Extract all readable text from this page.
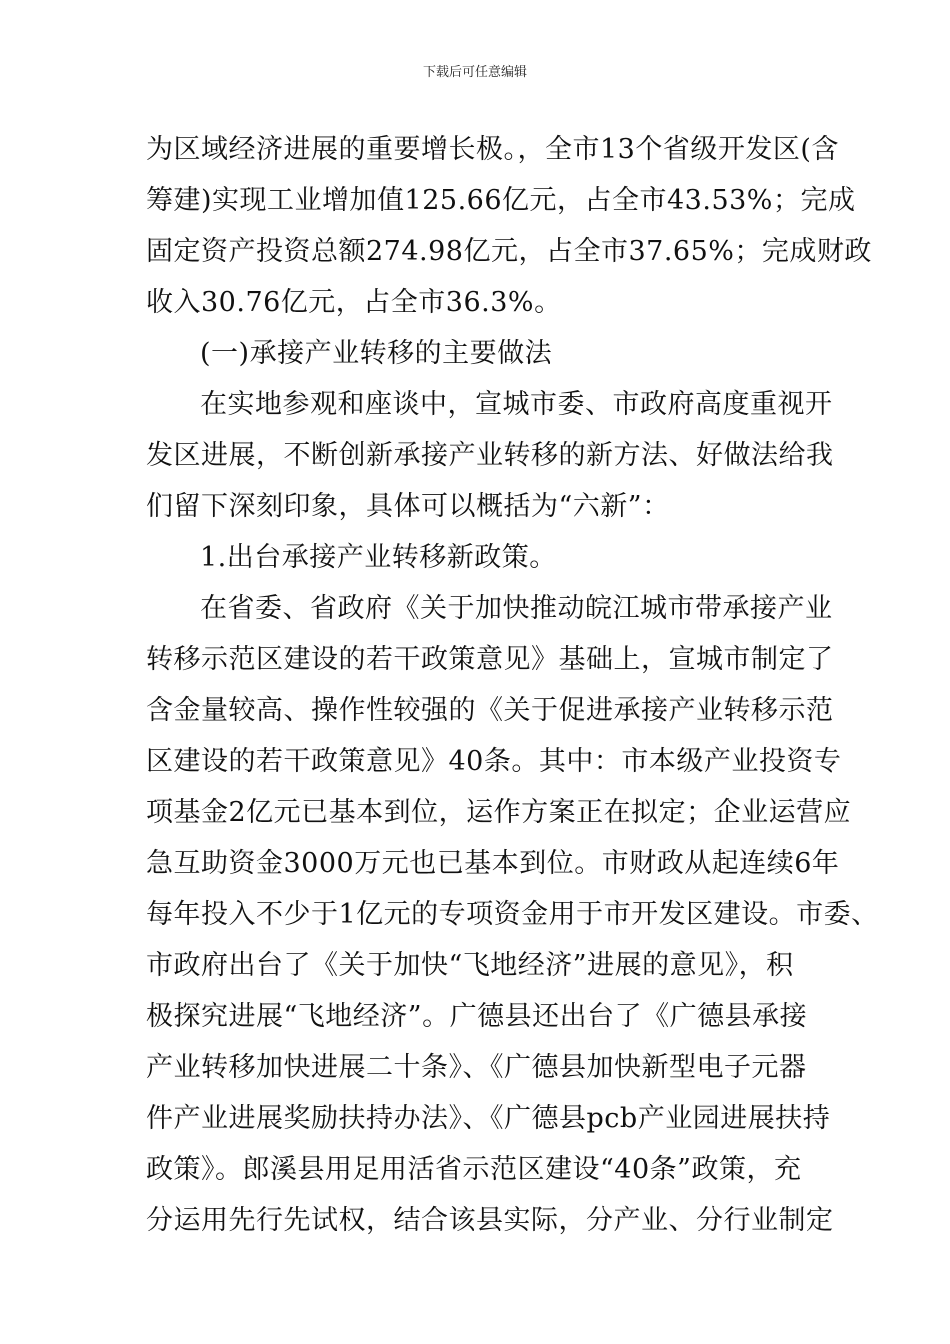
下载后可任意编辑
为区域经济进展的重要增长极。，全市13个省级开发区(含
筹建)实现工业增加值125.66亿元，占全市43.53%；完成
固定资产投资总额274.98亿元，占全市37.65%；完成财政
收入30.76亿元，占全市36.3%。
(一)承接产业转移的主要做法
在实地参观和座谈中，宣城市委、市政府高度重视开
发区进展，不断创新承接产业转移的新方法、好做法给我
们留下深刻印象，具体可以概括为“六新”：
1.出台承接产业转移新政策。
在省委、省政府《关于加快推动皖江城市带承接产业
转移示范区建设的若干政策意见》基础上，宣城市制定了
含金量较高、操作性较强的《关于促进承接产业转移示范
区建设的若干政策意见》40条。其中：市本级产业投资专
项基金2亿元已基本到位，运作方案正在拟定；企业运营应
急互助资金3000万元也已基本到位。市财政从起连续6年
每年投入不少于1亿元的专项资金用于市开发区建设。市委、
市政府出台了《关于加快“飞地经济”进展的意见》，积
极探究进展“飞地经济”。广德县还出台了《广德县承接
产业转移加快进展二十条》、《广德县加快新型电子元器
件产业进展奖励扶持办法》、《广德县pcb产业园进展扶持
政策》。郎溪县用足用活省示范区建设“40条”政策，充
分运用先行先试权，结合该县实际，分产业、分行业制定
